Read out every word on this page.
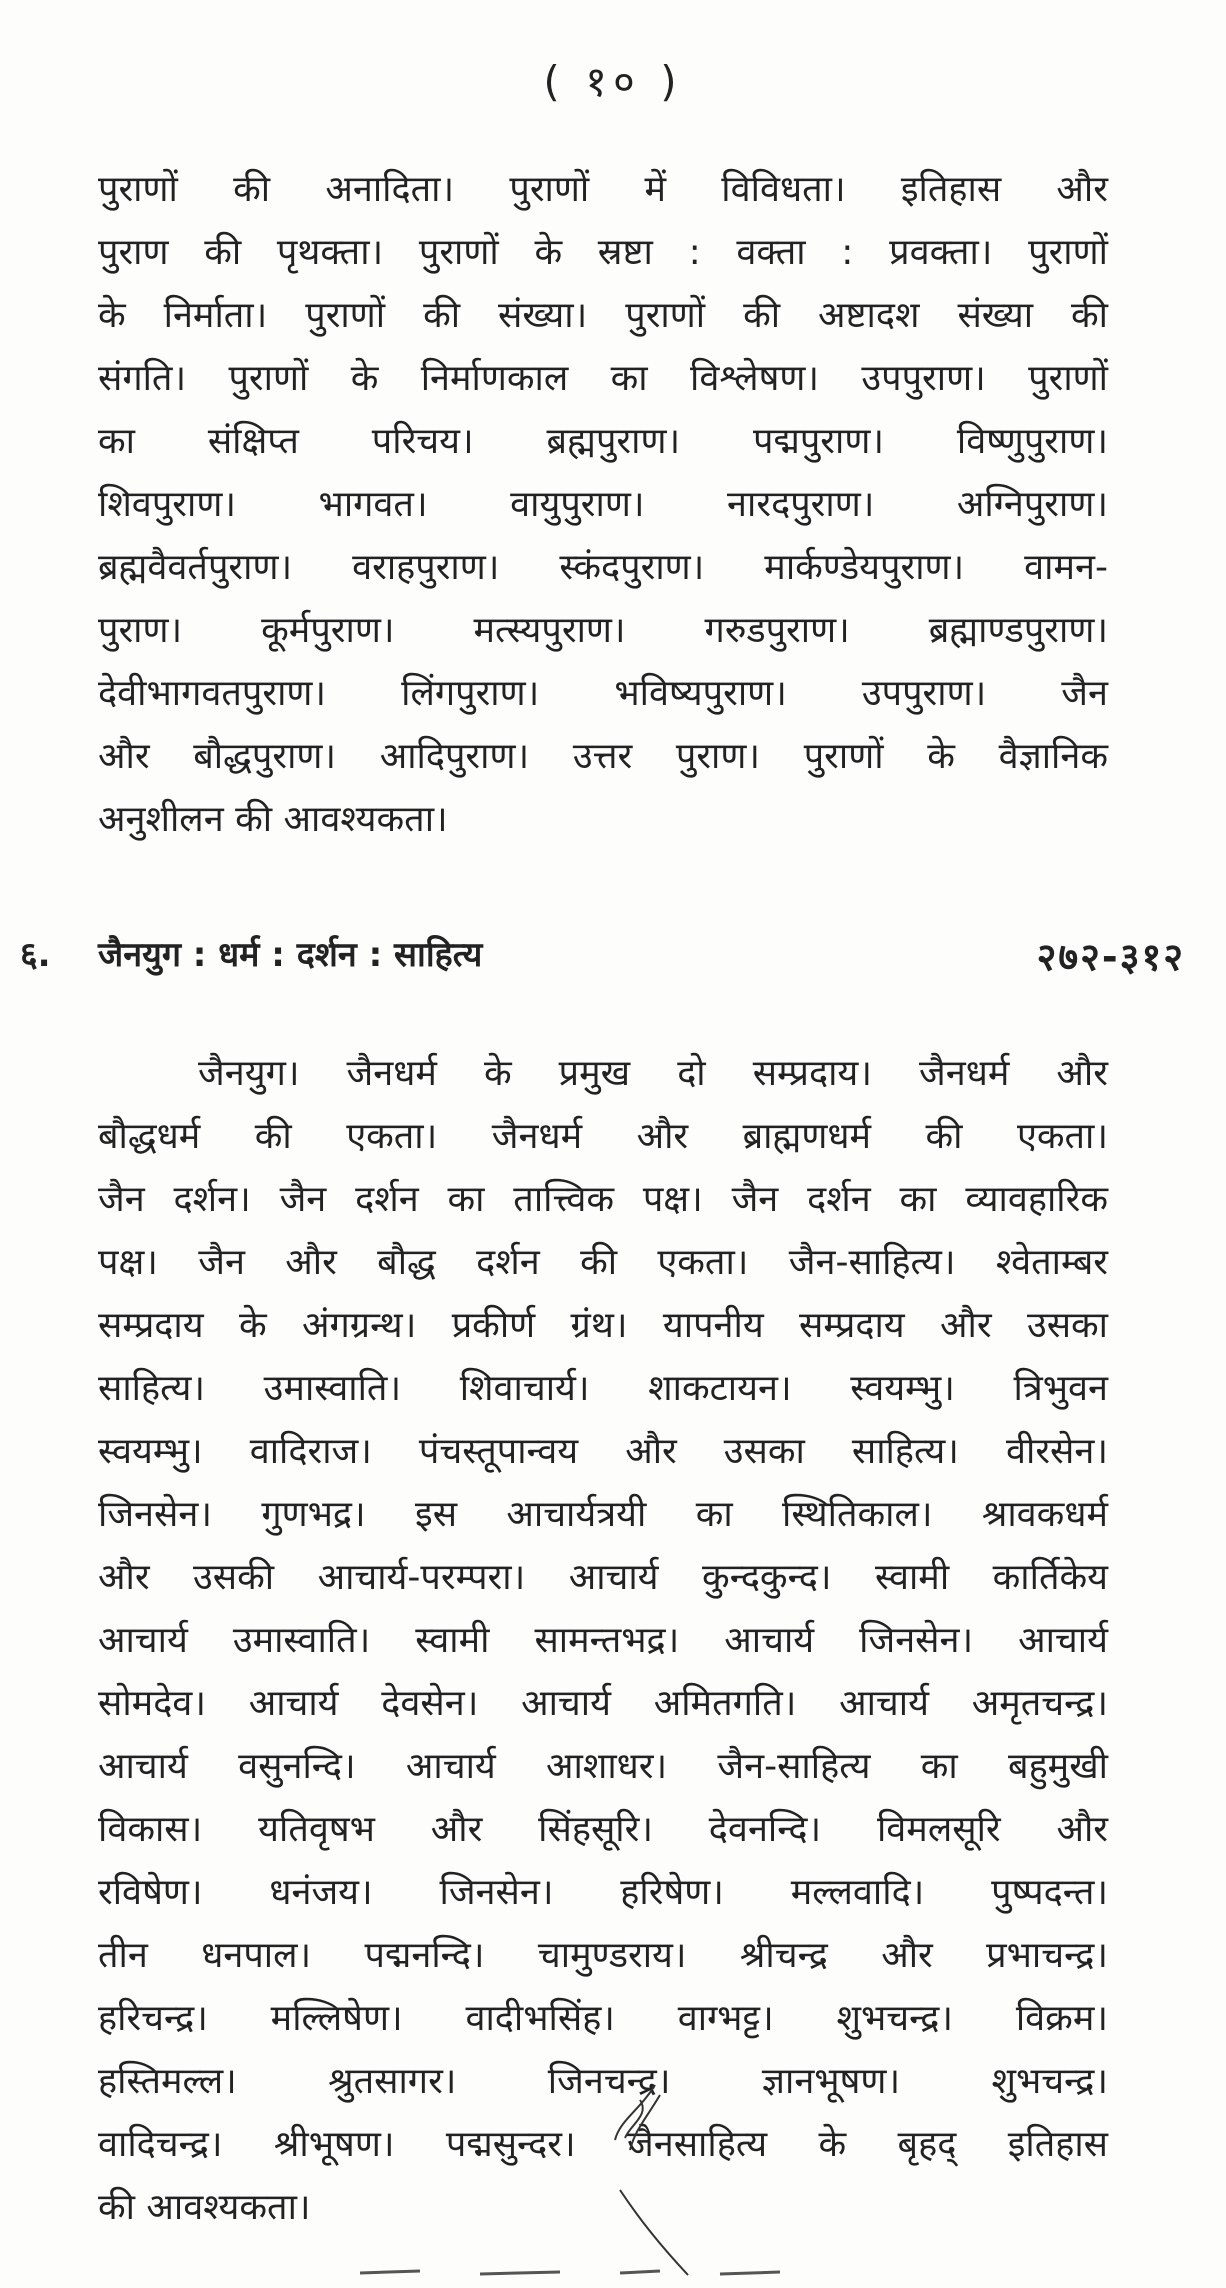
( १० )
पुराणों की अनादिता। पुराणों में विविधता। इतिहास और
पुराण की पृथक्ता। पुराणों के स्रष्टा : वक्ता : प्रवक्ता। पुराणों
के निर्माता। पुराणों की संख्या। पुराणों की अष्टादश संख्या की
संगति। पुराणों के निर्माणकाल का विश्लेषण। उपपुराण। पुराणों
का संक्षिप्त परिचय। ब्रह्मपुराण। पद्मपुराण। विष्णुपुराण।
शिवपुराण। भागवत। वायुपुराण। नारदपुराण। अग्निपुराण।
ब्रह्मवैवर्तपुराण। वराहपुराण। स्कंदपुराण। मार्कण्डेयपुराण। वामन-
पुराण। कूर्मपुराण। मत्स्यपुराण। गरुडपुराण। ब्रह्माण्डपुराण।
देवीभागवतपुराण। लिंगपुराण। भविष्यपुराण। उपपुराण। जैन
और बौद्धपुराण। आदिपुराण। उत्तर पुराण। पुराणों के वैज्ञानिक
अनुशीलन की आवश्यकता।
६. जैनयुग : धर्म : दर्शन : साहित्य	२७२-३१२
जैनयुग। जैनधर्म के प्रमुख दो सम्प्रदाय। जैनधर्म और
बौद्धधर्म की एकता। जैनधर्म और ब्राह्मणधर्म की एकता।
जैन दर्शन। जैन दर्शन का तात्त्विक पक्ष। जैन दर्शन का व्यावहारिक
पक्ष। जैन और बौद्ध दर्शन की एकता। जैन-साहित्य। श्वेताम्बर
सम्प्रदाय के अंगग्रन्थ। प्रकीर्ण ग्रंथ। यापनीय सम्प्रदाय और उसका
साहित्य। उमास्वाति। शिवाचार्य। शाकटायन। स्वयम्भु। त्रिभुवन
स्वयम्भु। वादिराज। पंचस्तूपान्वय और उसका साहित्य। वीरसेन।
जिनसेन। गुणभद्र। इस आचार्यत्रयी का स्थितिकाल। श्रावकधर्म
और उसकी आचार्य-परम्परा। आचार्य कुन्दकुन्द। स्वामी कार्तिकेय
आचार्य उमास्वाति। स्वामी सामन्तभद्र। आचार्य जिनसेन। आचार्य
सोमदेव। आचार्य देवसेन। आचार्य अमितगति। आचार्य अमृतचन्द्र।
आचार्य वसुनन्दि। आचार्य आशाधर। जैन-साहित्य का बहुमुखी
विकास। यतिवृषभ और सिंहसूरि। देवनन्दि। विमलसूरि और
रविषेण। धनंजय। जिनसेन। हरिषेण। मल्लवादि। पुष्पदन्त।
तीन धनपाल। पद्मनन्दि। चामुण्डराय। श्रीचन्द्र और प्रभाचन्द्र।
हरिचन्द्र। मल्लिषेण। वादीभसिंह। वाग्भट्ट। शुभचन्द्र। विक्रम।
हस्तिमल्ल। श्रुतसागर। जिनचन्द्र। ज्ञानभूषण। शुभचन्द्र।
वादिचन्द्र। श्रीभूषण। पद्मसुन्दर। जैनसाहित्य के बृहद् इतिहास
की आवश्यकता।
